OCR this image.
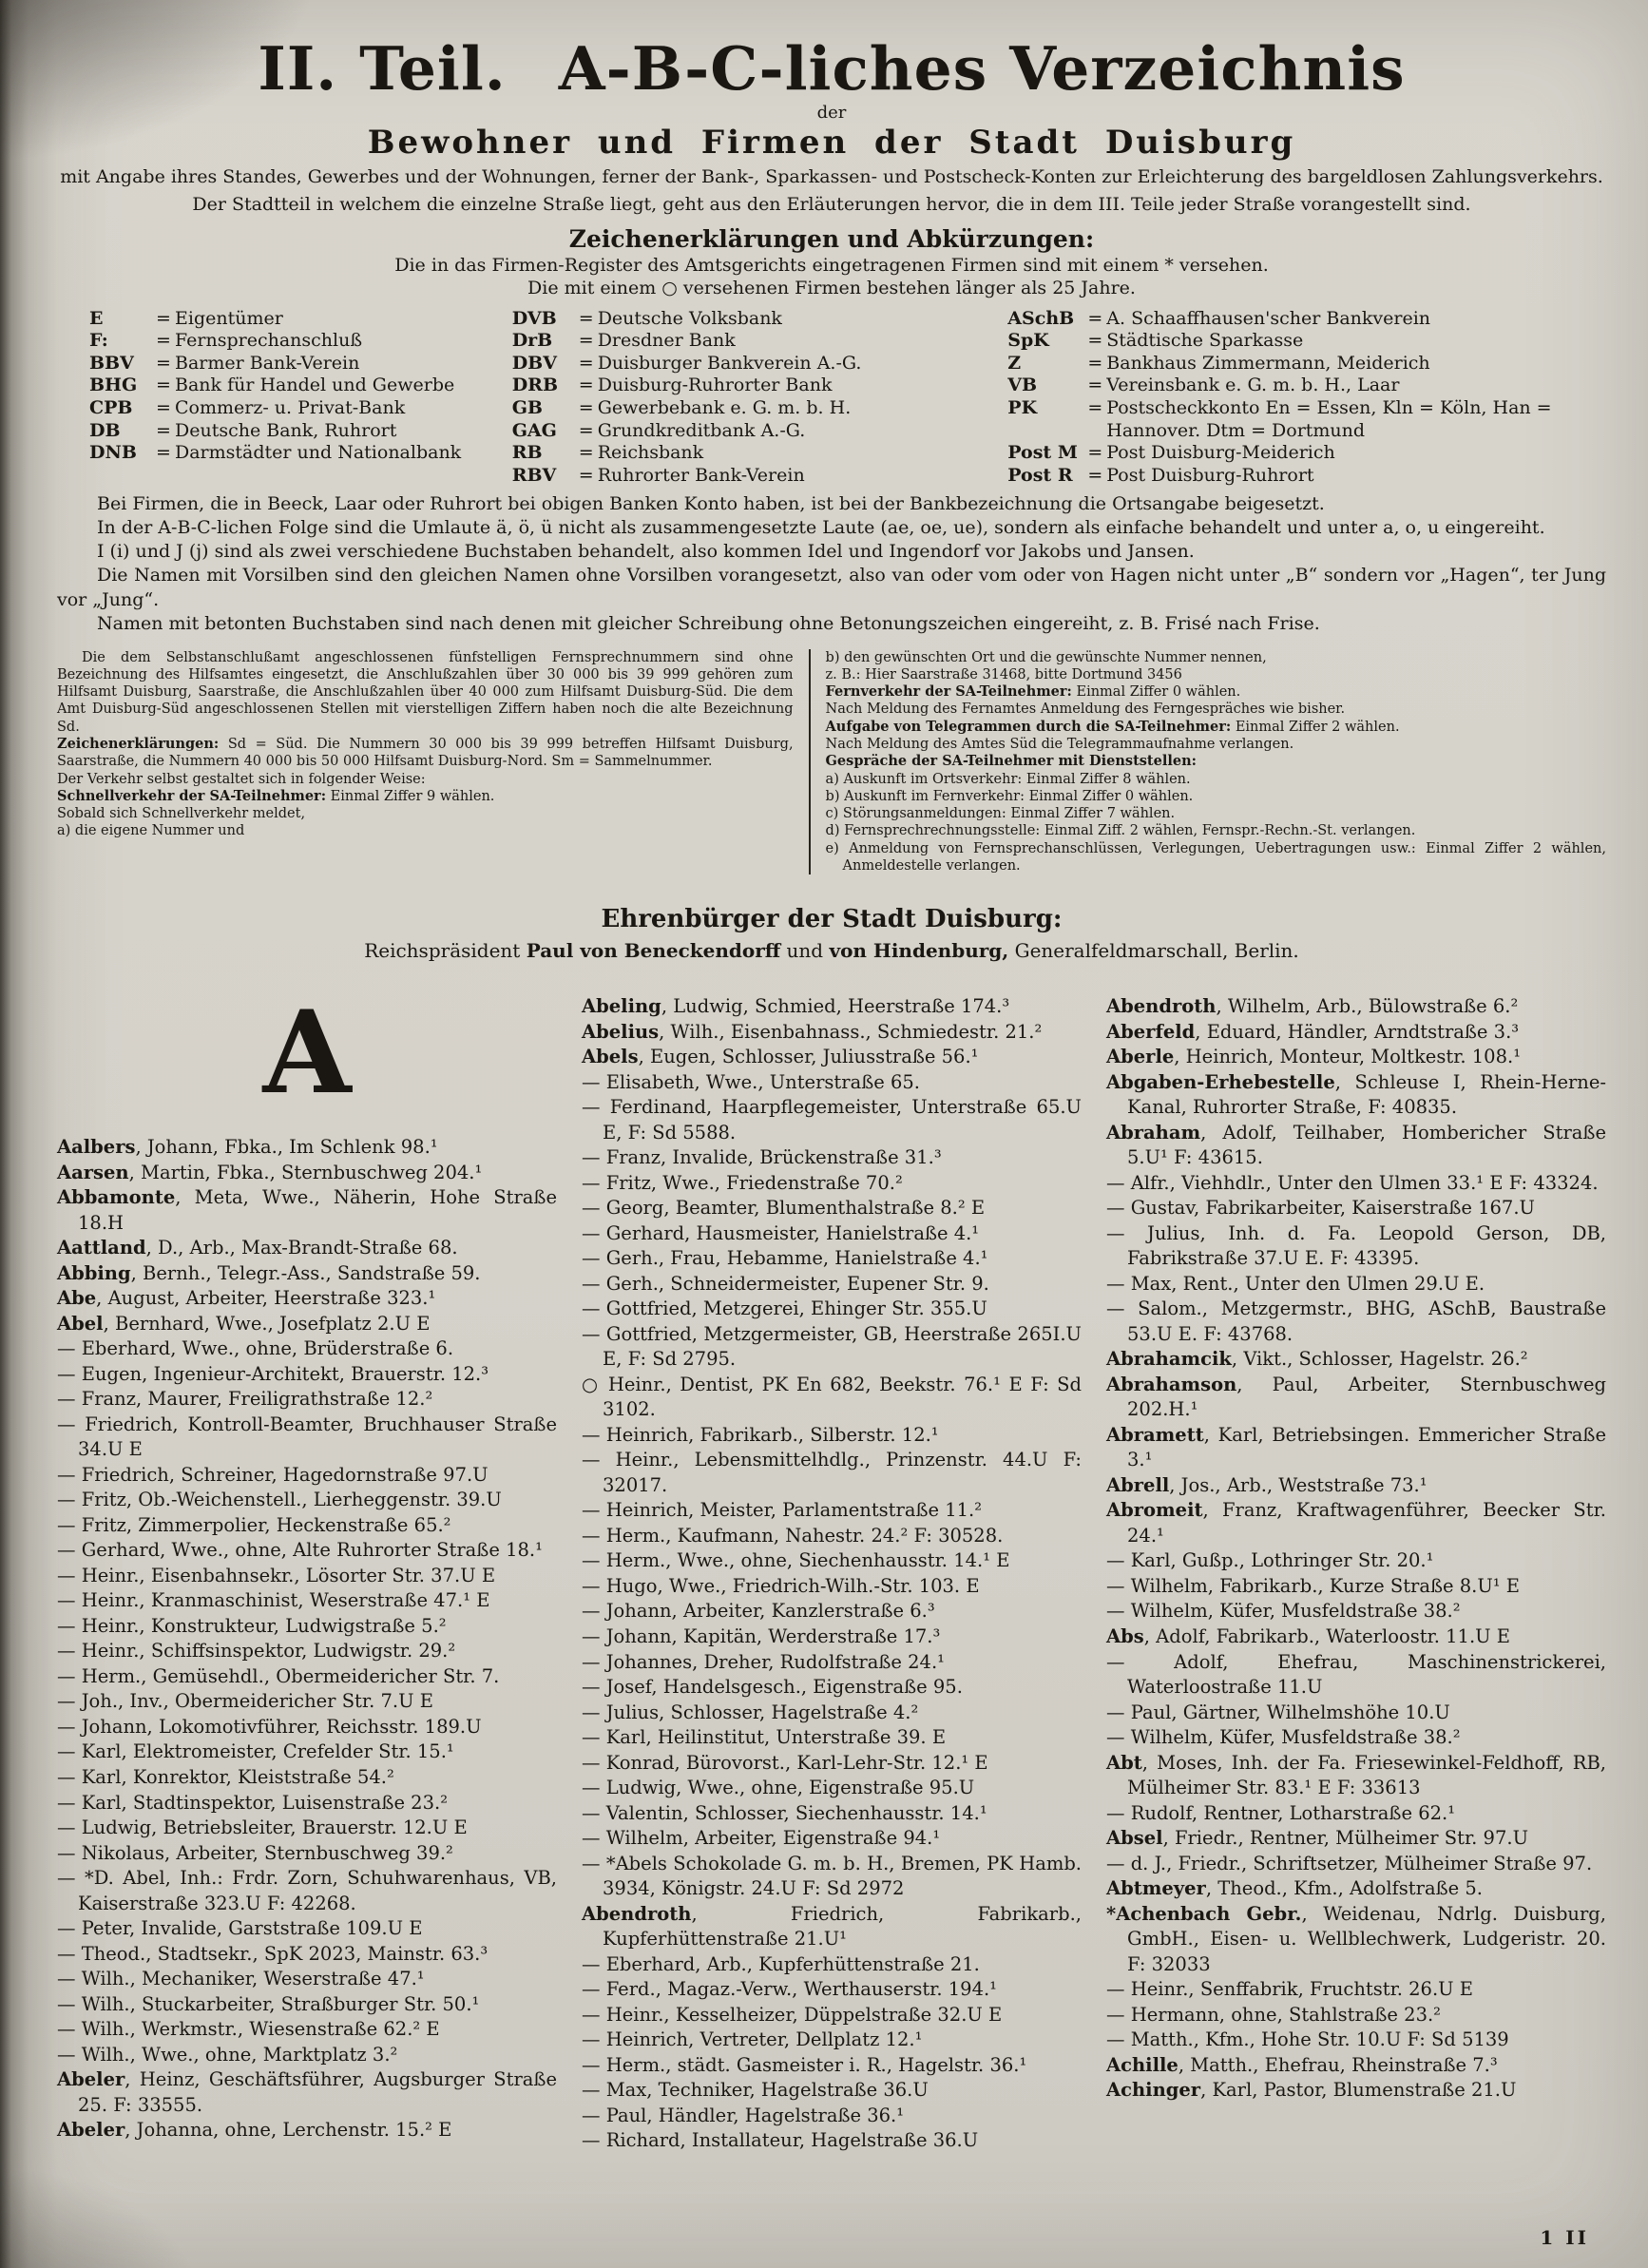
II. Teil. A-B-C-liches Verzeichnis
der
Bewohner und Firmen der Stadt Duisburg

mit Angabe ihres Standes, Gewerbes und der Wohnungen, ferner der Bank-, Sparkassen- und Postscheck-Konten zur Erleichterung des bargeldlosen Zahlungsverkehrs.

Der Stadtteil in welchem die einzelne Straße liegt, geht aus den Erläuterungen hervor, die in dem III. Teile jeder Straße vorangestellt sind.

Zeichenerklärungen und Abkürzungen:

Die in das Firmen-Register des Amtsgerichts eingetragenen Firmen sind mit einem * versehen.

Die mit einem ○ versehenen Firmen bestehen länger als 25 Jahre.

E	= Eigentümer
F:	= Fernsprechanschluß
BBV	= Barmer Bank-Verein
BHG	= Bank für Handel und Gewerbe
CPB	= Commerz- u. Privat-Bank
DB	= Deutsche Bank, Ruhrort
DNB	= Darmstädter und Nationalbank
DVB	= Deutsche Volksbank
DrB	= Dresdner Bank
DBV	= Duisburger Bankverein A.-G.
DRB	= Duisburg-Ruhrorter Bank
GB	= Gewerbebank e. G. m. b. H.
GAG	= Grundkreditbank A.-G.
RB	= Reichsbank
RBV	= Ruhrorter Bank-Verein
ASchB = A. Schaaffhausen'scher Bankverein
SpK	= Städtische Sparkasse
Z	= Bankhaus Zimmermann, Meiderich
VB	= Vereinsbank e. G. m. b. H., Laar
PK	= Postscheckkonto En = Essen, Kln = Köln, Han = Hannover. Dtm = Dortmund
Post M = Post Duisburg-Meiderich
Post R = Post Duisburg-Ruhrort

Bei Firmen, die in Beeck, Laar oder Ruhrort bei obigen Banken Konto haben, ist bei der Bankbezeichnung die Ortsangabe beigesetzt.

In der A-B-C-lichen Folge sind die Umlaute ä, ö, ü nicht als zusammengesetzte Laute (ae, oe, ue), sondern als einfache behandelt und unter a, o, u eingereiht.

I (i) und J (j) sind als zwei verschiedene Buchstaben behandelt, also kommen Idel und Ingendorf vor Jakobs und Jansen.

Die Namen mit Vorsilben sind den gleichen Namen ohne Vorsilben vorangesetzt, also van oder vom oder von Hagen nicht unter „B“ sondern vor „Hagen“, ter Jung vor „Jung“.

Namen mit betonten Buchstaben sind nach denen mit gleicher Schreibung ohne Betonungszeichen eingereiht, z. B. Frisé nach Frise.

Die dem Selbstanschlußamt angeschlossenen fünfstelligen Fernsprechnummern sind ohne Bezeichnung des Hilfsamtes eingesetzt, die Anschlußzahlen über 30 000 bis 39 999 gehören zum Hilfsamt Duisburg, Saarstraße, die Anschlußzahlen über 40 000 zum Hilfsamt Duisburg-Süd. Die dem Amt Duisburg-Süd angeschlossenen Stellen mit vierstelligen Ziffern haben noch die alte Bezeichnung Sd.
Zeichenerklärungen: Sd = Süd. Die Nummern 30 000 bis 39 999 betreffen Hilfsamt Duisburg, Saarstraße, die Nummern 40 000 bis 50 000 Hilfsamt Duisburg-Nord. Sm = Sammelnummer.
Der Verkehr selbst gestaltet sich in folgender Weise:
Schnellverkehr der SA-Teilnehmer: Einmal Ziffer 9 wählen.
Sobald sich Schnellverkehr meldet,
a) die eigene Nummer und
b) den gewünschten Ort und die gewünschte Nummer nennen,
z. B.: Hier Saarstraße 31468, bitte Dortmund 3456
Fernverkehr der SA-Teilnehmer: Einmal Ziffer 0 wählen.
Nach Meldung des Fernamtes Anmeldung des Ferngespräches wie bisher.
Aufgabe von Telegrammen durch die SA-Teilnehmer: Einmal Ziffer 2 wählen.
Nach Meldung des Amtes Süd die Telegrammaufnahme verlangen.
Gespräche der SA-Teilnehmer mit Dienststellen:
a) Auskunft im Ortsverkehr: Einmal Ziffer 8 wählen.
b) Auskunft im Fernverkehr: Einmal Ziffer 0 wählen.
c) Störungsanmeldungen: Einmal Ziffer 7 wählen.
d) Fernsprechrechnungsstelle: Einmal Ziff. 2 wählen, Fernspr.-Rechn.-St. verlangen.
e) Anmeldung von Fernsprechanschlüssen, Verlegungen, Uebertragungen usw.: Einmal Ziffer 2 wählen, Anmeldestelle verlangen.
Ehrenbürger der Stadt Duisburg:

Reichspräsident Paul von Beneckendorff und von Hindenburg, Generalfeldmarschall, Berlin.

A
Aalbers, Johann, Fbka., Im Schlenk 98.¹
Aarsen, Martin, Fbka., Sternbuschweg 204.¹
Abbamonte, Meta, Wwe., Näherin, Hohe Straße 18.H
Aattland, D., Arb., Max-Brandt-Straße 68.
Abbing, Bernh., Telegr.-Ass., Sandstraße 59.
Abe, August, Arbeiter, Heerstraße 323.¹
Abel, Bernhard, Wwe., Josefplatz 2.U E
— Eberhard, Wwe., ohne, Brüderstraße 6.
— Eugen, Ingenieur-Architekt, Brauerstr. 12.³
— Franz, Maurer, Freiligrathstraße 12.²
— Friedrich, Kontroll-Beamter, Bruchhauser Straße 34.U E
— Friedrich, Schreiner, Hagedornstraße 97.U
— Fritz, Ob.-Weichenstell., Lierheggenstr. 39.U
— Fritz, Zimmerpolier, Heckenstraße 65.²
— Gerhard, Wwe., ohne, Alte Ruhrorter Straße 18.¹
— Heinr., Eisenbahnsekr., Lösorter Str. 37.U E
— Heinr., Kranmaschinist, Weserstraße 47.¹ E
— Heinr., Konstrukteur, Ludwigstraße 5.²
— Heinr., Schiffsinspektor, Ludwigstr. 29.²
— Herm., Gemüsehdl., Obermeidericher Str. 7.
— Joh., Inv., Obermeidericher Str. 7.U E
— Johann, Lokomotivführer, Reichsstr. 189.U
— Karl, Elektromeister, Crefelder Str. 15.¹
— Karl, Konrektor, Kleiststraße 54.²
— Karl, Stadtinspektor, Luisenstraße 23.²
— Ludwig, Betriebsleiter, Brauerstr. 12.U E
— Nikolaus, Arbeiter, Sternbuschweg 39.²
— *D. Abel, Inh.: Frdr. Zorn, Schuhwarenhaus, VB, Kaiserstraße 323.U F: 42268.
— Peter, Invalide, Garststraße 109.U E
— Theod., Stadtsekr., SpK 2023, Mainstr. 63.³
— Wilh., Mechaniker, Weserstraße 47.¹
— Wilh., Stuckarbeiter, Straßburger Str. 50.¹
— Wilh., Werkmstr., Wiesenstraße 62.² E
— Wilh., Wwe., ohne, Marktplatz 3.²
Abeler, Heinz, Geschäftsführer, Augsburger Straße 25. F: 33555.
Abeler, Johanna, ohne, Lerchenstr. 15.² E
Abeling, Ludwig, Schmied, Heerstraße 174.³
Abelius, Wilh., Eisenbahnass., Schmiedestr. 21.²
Abels, Eugen, Schlosser, Juliusstraße 56.¹
— Elisabeth, Wwe., Unterstraße 65.
— Ferdinand, Haarpflegemeister, Unterstraße 65.U E, F: Sd 5588.
— Franz, Invalide, Brückenstraße 31.³
— Fritz, Wwe., Friedenstraße 70.²
— Georg, Beamter, Blumenthalstraße 8.² E
— Gerhard, Hausmeister, Hanielstraße 4.¹
— Gerh., Frau, Hebamme, Hanielstraße 4.¹
— Gerh., Schneidermeister, Eupener Str. 9.
— Gottfried, Metzgerei, Ehinger Str. 355.U
— Gottfried, Metzgermeister, GB, Heerstraße 265I.U E, F: Sd 2795.
○ Heinr., Dentist, PK En 682, Beekstr. 76.¹ E F: Sd 3102.
— Heinrich, Fabrikarb., Silberstr. 12.¹
— Heinr., Lebensmittelhdlg., Prinzenstr. 44.U F: 32017.
— Heinrich, Meister, Parlamentstraße 11.²
— Herm., Kaufmann, Nahestr. 24.² F: 30528.
— Herm., Wwe., ohne, Siechenhausstr. 14.¹ E
— Hugo, Wwe., Friedrich-Wilh.-Str. 103. E
— Johann, Arbeiter, Kanzlerstraße 6.³
— Johann, Kapitän, Werderstraße 17.³
— Johannes, Dreher, Rudolfstraße 24.¹
— Josef, Handelsgesch., Eigenstraße 95.
— Julius, Schlosser, Hagelstraße 4.²
— Karl, Heilinstitut, Unterstraße 39. E
— Konrad, Bürovorst., Karl-Lehr-Str. 12.¹ E
— Ludwig, Wwe., ohne, Eigenstraße 95.U
— Valentin, Schlosser, Siechenhausstr. 14.¹
— Wilhelm, Arbeiter, Eigenstraße 94.¹
— *Abels Schokolade G. m. b. H., Bremen, PK Hamb. 3934, Königstr. 24.U F: Sd 2972
Abendroth, Friedrich, Fabrikarb., Kupferhüttenstraße 21.U¹
— Eberhard, Arb., Kupferhüttenstraße 21.
— Ferd., Magaz.-Verw., Werthauserstr. 194.¹
— Heinr., Kesselheizer, Düppelstraße 32.U E
— Heinrich, Vertreter, Dellplatz 12.¹
— Herm., städt. Gasmeister i. R., Hagelstr. 36.¹
— Max, Techniker, Hagelstraße 36.U
— Paul, Händler, Hagelstraße 36.¹
— Richard, Installateur, Hagelstraße 36.U
Abendroth, Wilhelm, Arb., Bülowstraße 6.²
Aberfeld, Eduard, Händler, Arndtstraße 3.³
Aberle, Heinrich, Monteur, Moltkestr. 108.¹
Abgaben-Erhebestelle, Schleuse I, Rhein-Herne-Kanal, Ruhrorter Straße, F: 40835.
Abraham, Adolf, Teilhaber, Hombericher Straße 5.U¹ F: 43615.
— Alfr., Viehhdlr., Unter den Ulmen 33.¹ E F: 43324.
— Gustav, Fabrikarbeiter, Kaiserstraße 167.U
— Julius, Inh. d. Fa. Leopold Gerson, DB, Fabrikstraße 37.U E. F: 43395.
— Max, Rent., Unter den Ulmen 29.U E.
— Salom., Metzgermstr., BHG, ASchB, Baustraße 53.U E. F: 43768.
Abrahamcik, Vikt., Schlosser, Hagelstr. 26.²
Abrahamson, Paul, Arbeiter, Sternbuschweg 202.H.¹
Abramett, Karl, Betriebsingen. Emmericher Straße 3.¹
Abrell, Jos., Arb., Weststraße 73.¹
Abromeit, Franz, Kraftwagenführer, Beecker Str. 24.¹
— Karl, Gußp., Lothringer Str. 20.¹
— Wilhelm, Fabrikarb., Kurze Straße 8.U¹ E
— Wilhelm, Küfer, Musfeldstraße 38.²
Abs, Adolf, Fabrikarb., Waterloostr. 11.U E
— Adolf, Ehefrau, Maschinenstrickerei, Waterloostraße 11.U
— Paul, Gärtner, Wilhelmshöhe 10.U
— Wilhelm, Küfer, Musfeldstraße 38.²
Abt, Moses, Inh. der Fa. Friesewinkel-Feldhoff, RB, Mülheimer Str. 83.¹ E F: 33613
— Rudolf, Rentner, Lotharstraße 62.¹
Absel, Friedr., Rentner, Mülheimer Str. 97.U
— d. J., Friedr., Schriftsetzer, Mülheimer Straße 97.
Abtmeyer, Theod., Kfm., Adolfstraße 5.
*Achenbach Gebr., Weidenau, Ndrlg. Duisburg, GmbH., Eisen- u. Wellblechwerk, Ludgeristr. 20. F: 32033
— Heinr., Senffabrik, Fruchtstr. 26.U E
— Hermann, ohne, Stahlstraße 23.²
— Matth., Kfm., Hohe Str. 10.U F: Sd 5139
Achille, Matth., Ehefrau, Rheinstraße 7.³
Achinger, Karl, Pastor, Blumenstraße 21.U
1 II
